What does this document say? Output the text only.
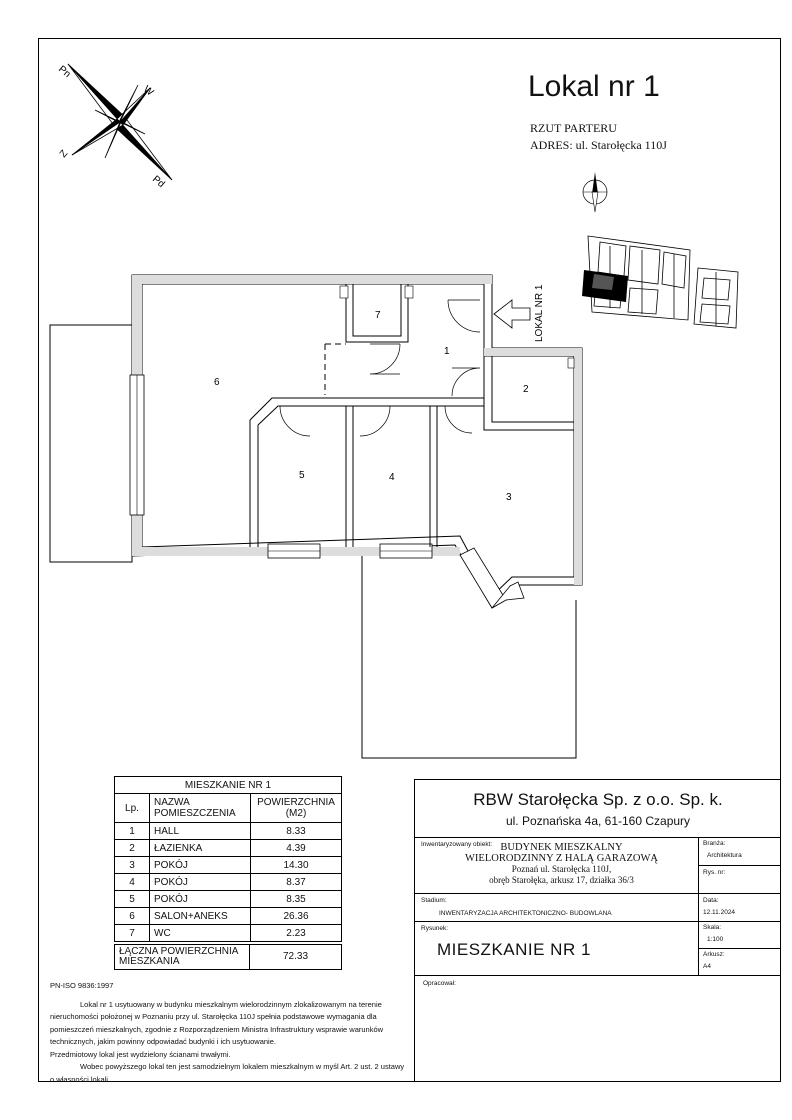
Lokal nr 1
RZUT PARTERU
ADRES: ul. Starołęcka 110J
Pn
W
Z
Pd
LOKAL NR 1
1
2
3
4
5
6
7
MIESZKANIE NR 1		
Lp.	NAZWA POMIESZCZENIA	POWIERZCHNIA (M2)
1	HALL	8.33
2	ŁAZIENKA	4.39
3	POKÓJ	14.30
4	POKÓJ	8.37
5	POKÓJ	8.35
6	SALON+ANEKS	26.36
7	WC	2.23
ŁĄCZNA POWIERZCHNIA MIESZKANIA	72.33

PN-ISO 9836:1997

Lokal nr 1 usytuowany w budynku mieszkalnym wielorodzinnym zlokalizowanym na terenie nieruchomości położonej w Poznaniu przy ul. Starołęcka 110J spełnia podstawowe wymagania dla pomieszczeń mieszkalnych, zgodnie z Rozporządzeniem Ministra Infrastruktury wsprawie warunków technicznych, jakim powinny odpowiadać budynki i ich usytuowanie.

Przedmiotowy lokal jest wydzielony ścianami trwałymi.

Wobec powyższego lokal ten jest samodzielnym lokalem mieszkalnym w myśl Art. 2 ust. 2 ustawy o własności lokali

RBW Starołęcka Sp. z o.o. Sp. k.
ul. Poznańska 4a, 61-160 Czapury
Inwentaryzowany obiekt: BUDYNEK MIESZKALNY
WIELORODZINNY Z HALĄ GARAZOWĄ
Poznań ul. Starołęcka 110J,
obręb Starołęka, arkusz 17, działka 36/3
Branża:
Architektura
Rys. nr:
Stadium:
INWENTARYZACJA ARCHITEKTONICZNO- BUDOWLANA
Data:
12.11.2024
Rysunek:
MIESZKANIE NR 1
Skala:
1:100
Arkusz:
A4
Opracował:
